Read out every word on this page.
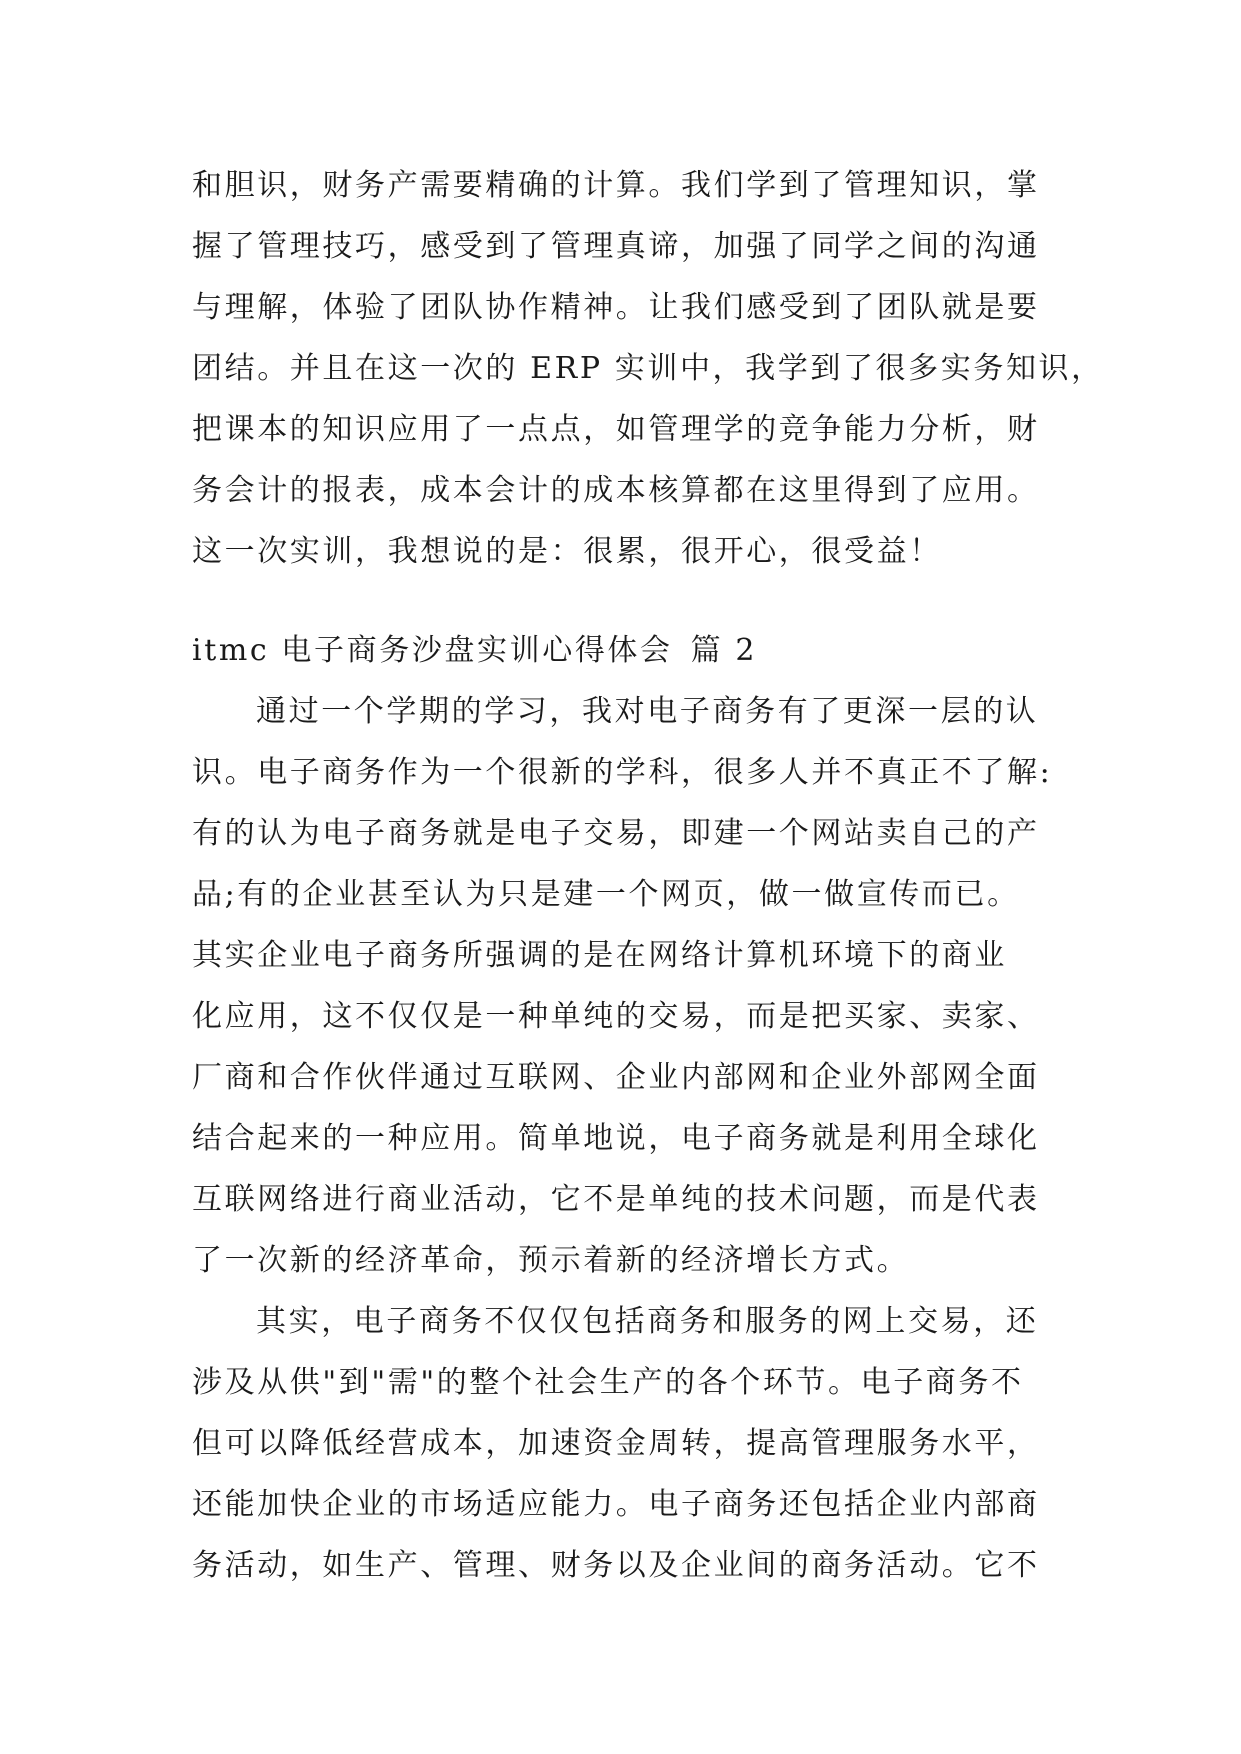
和胆识，财务产需要精确的计算。我们学到了管理知识，掌
握了管理技巧，感受到了管理真谛，加强了同学之间的沟通
与理解，体验了团队协作精神。让我们感受到了团队就是要
团结。并且在这一次的 ERP 实训中，我学到了很多实务知识，
把课本的知识应用了一点点，如管理学的竞争能力分析，财
务会计的报表，成本会计的成本核算都在这里得到了应用。
这一次实训，我想说的是：很累，很开心，很受益！
itmc 电子商务沙盘实训心得体会 篇 2
通过一个学期的学习，我对电子商务有了更深一层的认
识。电子商务作为一个很新的学科，很多人并不真正不了解:
有的认为电子商务就是电子交易，即建一个网站卖自己的产
品;有的企业甚至认为只是建一个网页，做一做宣传而已。
其实企业电子商务所强调的是在网络计算机环境下的商业
化应用，这不仅仅是一种单纯的交易，而是把买家、卖家、
厂商和合作伙伴通过互联网、企业内部网和企业外部网全面
结合起来的一种应用。简单地说，电子商务就是利用全球化
互联网络进行商业活动，它不是单纯的技术问题，而是代表
了一次新的经济革命，预示着新的经济增长方式。
其实，电子商务不仅仅包括商务和服务的网上交易，还
涉及从供"到"需"的整个社会生产的各个环节。电子商务不
但可以降低经营成本，加速资金周转，提高管理服务水平，
还能加快企业的市场适应能力。电子商务还包括企业内部商
务活动，如生产、管理、财务以及企业间的商务活动。它不
